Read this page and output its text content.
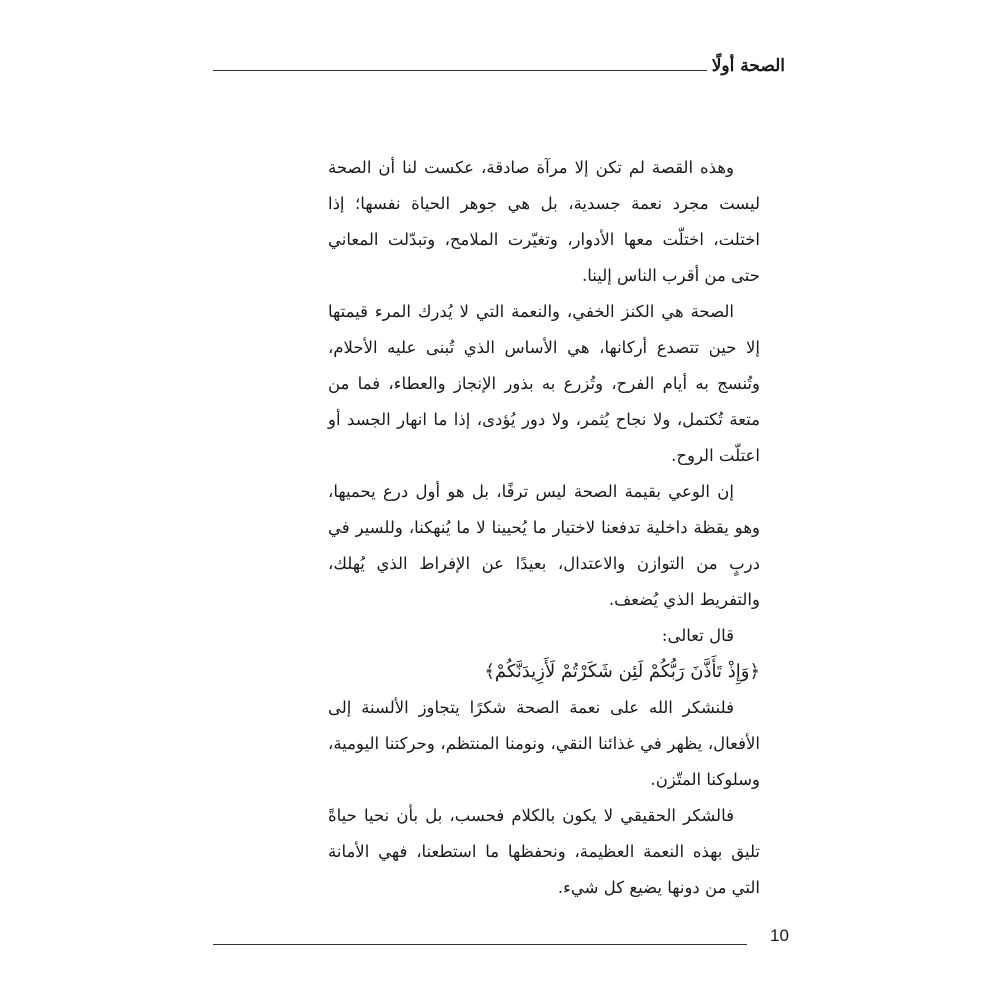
الصحة أولًا

وهذه القصة لم تكن إلا مرآة صادقة، عكست لنا أن الصحة ليست مجرد نعمة جسدية، بل هي جوهر الحياة نفسها؛ إذا اختلت، اختلّت معها الأدوار، وتغيّرت الملامح، وتبدّلت المعاني حتى من أقرب الناس إلينا.

الصحة هي الكنز الخفي، والنعمة التي لا يُدرك المرء قيمتها إلا حين تتصدع أركانها، هي الأساس الذي تُبنى عليه الأحلام، وتُنسج به أيام الفرح، وتُزرع به بذور الإنجاز والعطاء، فما من متعة تُكتمل، ولا نجاح يُثمر، ولا دور يُؤدى، إذا ما انهار الجسد أو اعتلّت الروح.

إن الوعي بقيمة الصحة ليس ترفًا، بل هو أول درع يحميها، وهو يقظة داخلية تدفعنا لاختيار ما يُحيينا لا ما يُنهكنا، وللسير في دربٍ من التوازن والاعتدال، بعيدًا عن الإفراط الذي يُهلك، والتفريط الذي يُضعف.

قال تعالى:

﴿وَإِذْ تَأَذَّنَ رَبُّكُمْ لَئِن شَكَرْتُمْ لَأَزِيدَنَّكُمْ﴾

فلنشكر الله على نعمة الصحة شكرًا يتجاوز الألسنة إلى الأفعال، يظهر في غذائنا النقي، ونومنا المنتظم، وحركتنا اليومية، وسلوكنا المتّزن.

فالشكر الحقيقي لا يكون بالكلام فحسب، بل بأن نحيا حياةً تليق بهذه النعمة العظيمة، ونحفظها ما استطعنا، فهي الأمانة التي من دونها يضيع كل شيء.

10
